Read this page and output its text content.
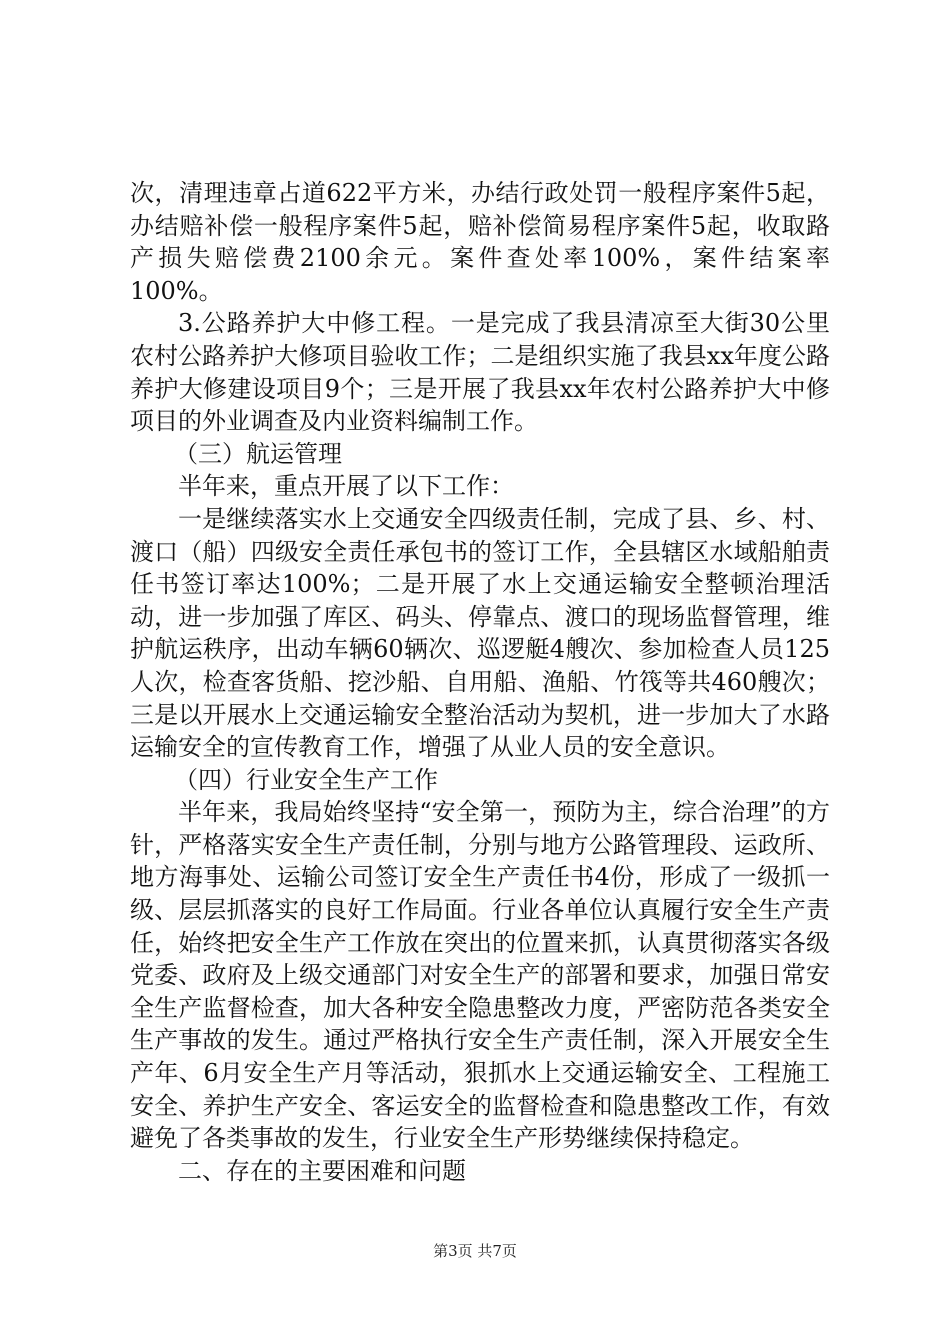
次，清理违章占道622平方米，办结行政处罚一般程序案件5起，办结赔补偿一般程序案件5起，赔补偿简易程序案件5起，收取路产损失赔偿费2100余元。案件查处率100%，案件结案率100%。

3.公路养护大中修工程。一是完成了我县清凉至大街30公里农村公路养护大修项目验收工作；二是组织实施了我县xx年度公路养护大修建设项目9个；三是开展了我县xx年农村公路养护大中修项目的外业调查及内业资料编制工作。

（三）航运管理

半年来，重点开展了以下工作：

一是继续落实水上交通安全四级责任制，完成了县、乡、村、渡口（船）四级安全责任承包书的签订工作，全县辖区水域船舶责任书签订率达100%；二是开展了水上交通运输安全整顿治理活动，进一步加强了库区、码头、停靠点、渡口的现场监督管理，维护航运秩序，出动车辆60辆次、巡逻艇4艘次、参加检查人员125人次，检查客货船、挖沙船、自用船、渔船、竹筏等共460艘次；三是以开展水上交通运输安全整治活动为契机，进一步加大了水路运输安全的宣传教育工作，增强了从业人员的安全意识。

（四）行业安全生产工作

半年来，我局始终坚持“安全第一，预防为主，综合治理”的方针，严格落实安全生产责任制，分别与地方公路管理段、运政所、地方海事处、运输公司签订安全生产责任书4份，形成了一级抓一级、层层抓落实的良好工作局面。行业各单位认真履行安全生产责任，始终把安全生产工作放在突出的位置来抓，认真贯彻落实各级党委、政府及上级交通部门对安全生产的部署和要求，加强日常安全生产监督检查，加大各种安全隐患整改力度，严密防范各类安全生产事故的发生。通过严格执行安全生产责任制，深入开展安全生产年、6月安全生产月等活动，狠抓水上交通运输安全、工程施工安全、养护生产安全、客运安全的监督检查和隐患整改工作，有效避免了各类事故的发生，行业安全生产形势继续保持稳定。

二、存在的主要困难和问题

第3页 共7页
